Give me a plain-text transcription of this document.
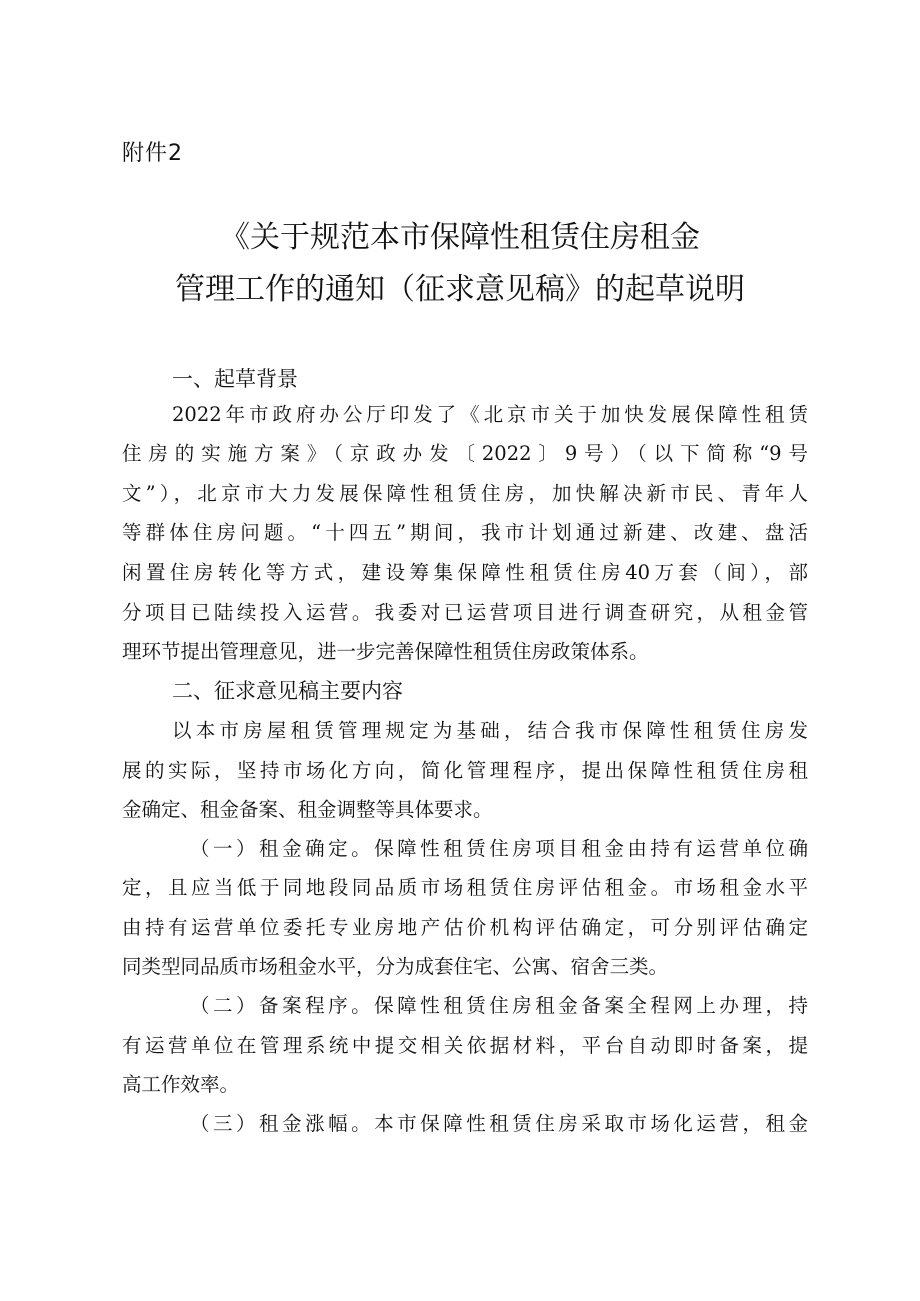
附件2
《关于规范本市保障性租赁住房租金
管理工作的通知（征求意见稿》的起草说明
一、起草背景
2022年市政府办公厅印发了《北京市关于加快发展保障性租赁
住房的实施方案》（京政办发〔2022〕9号）（以下简称“9号
文”），北京市大力发展保障性租赁住房，加快解决新市民、青年人
等群体住房问题。“十四五”期间，我市计划通过新建、改建、盘活
闲置住房转化等方式，建设筹集保障性租赁住房40万套（间），部
分项目已陆续投入运营。我委对已运营项目进行调查研究，从租金管
理环节提出管理意见，进一步完善保障性租赁住房政策体系。
二、征求意见稿主要内容
以本市房屋租赁管理规定为基础，结合我市保障性租赁住房发
展的实际，坚持市场化方向，简化管理程序，提出保障性租赁住房租
金确定、租金备案、租金调整等具体要求。
（一）租金确定。保障性租赁住房项目租金由持有运营单位确
定，且应当低于同地段同品质市场租赁住房评估租金。市场租金水平
由持有运营单位委托专业房地产估价机构评估确定，可分别评估确定
同类型同品质市场租金水平，分为成套住宅、公寓、宿舍三类。
（二）备案程序。保障性租赁住房租金备案全程网上办理，持
有运营单位在管理系统中提交相关依据材料，平台自动即时备案，提
高工作效率。
（三）租金涨幅。本市保障性租赁住房采取市场化运营，租金
